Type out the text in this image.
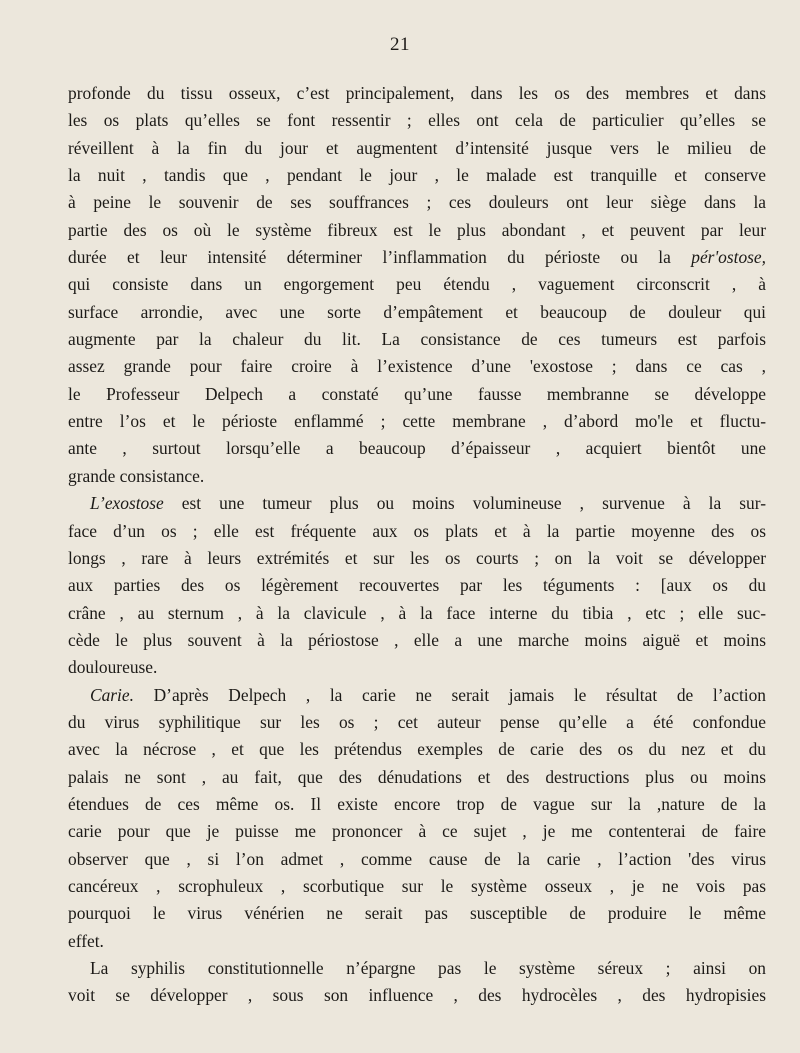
21
profonde du tissu osseux, c’est principalement, dans les os des membres et dans
les os plats qu’elles se font ressentir ; elles ont cela de particulier qu’elles se
réveillent à la fin du jour et augmentent d’intensité jusque vers le milieu de
la nuit , tandis que , pendant le jour , le malade est tranquille et conserve
à peine le souvenir de ses souffrances ; ces douleurs ont leur siège dans la
partie des os où le système fibreux est le plus abondant , et peuvent par leur
durée et leur intensité déterminer l’inflammation du périoste ou la pér'ostose,
qui consiste dans un engorgement peu étendu , vaguement circonscrit , à
surface arrondie, avec une sorte d’empâtement et beaucoup de douleur qui
augmente par la chaleur du lit. La consistance de ces tumeurs est parfois
assez grande pour faire croire à l’existence d’une 'exostose ; dans ce cas ,
le Professeur Delpech a constaté qu’une fausse membranne se développe
entre l’os et le périoste enflammé ; cette membrane , d’abord mo'le et fluctu-
ante , surtout lorsqu’elle a beaucoup d’épaisseur , acquiert bientôt une
grande consistance.
L’exostose est une tumeur plus ou moins volumineuse , survenue à la sur-
face d’un os ; elle est fréquente aux os plats et à la partie moyenne des os
longs , rare à leurs extrémités et sur les os courts ; on la voit se développer
aux parties des os légèrement recouvertes par les téguments : [aux os du
crâne , au sternum , à la clavicule , à la face interne du tibia , etc ; elle suc-
cède le plus souvent à la périostose , elle a une marche moins aiguë et moins
douloureuse.
Carie. D’après Delpech , la carie ne serait jamais le résultat de l’action
du virus syphilitique sur les os ; cet auteur pense qu’elle a été confondue
avec la nécrose , et que les prétendus exemples de carie des os du nez et du
palais ne sont , au fait, que des dénudations et des destructions plus ou moins
étendues de ces même os. Il existe encore trop de vague sur la ,nature de la
carie pour que je puisse me prononcer à ce sujet , je me contenterai de faire
observer que , si l’on admet , comme cause de la carie , l’action 'des virus
cancéreux , scrophuleux , scorbutique sur le système osseux , je ne vois pas
pourquoi le virus vénérien ne serait pas susceptible de produire le même
effet.
La syphilis constitutionnelle n’épargne pas le système séreux ; ainsi on
voit se développer , sous son influence , des hydrocèles , des hydropisies
